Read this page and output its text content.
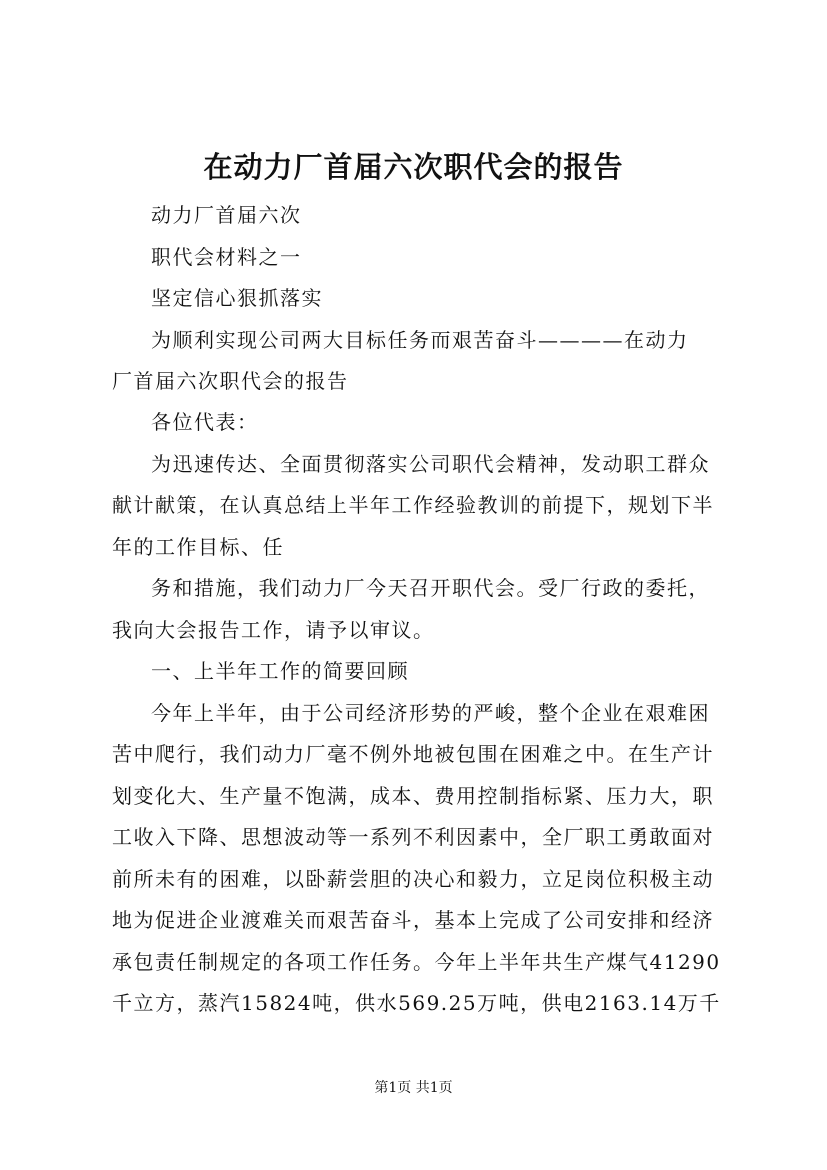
在动力厂首届六次职代会的报告
动力厂首届六次
职代会材料之一
坚定信心狠抓落实
为顺利实现公司两大目标任务而艰苦奋斗————在动力
厂首届六次职代会的报告
各位代表：
为迅速传达、全面贯彻落实公司职代会精神，发动职工群众
献计献策，在认真总结上半年工作经验教训的前提下，规划下半
年的工作目标、任
务和措施，我们动力厂今天召开职代会。受厂行政的委托，
我向大会报告工作，请予以审议。
一、上半年工作的简要回顾
今年上半年，由于公司经济形势的严峻，整个企业在艰难困
苦中爬行，我们动力厂毫不例外地被包围在困难之中。在生产计
划变化大、生产量不饱满，成本、费用控制指标紧、压力大，职
工收入下降、思想波动等一系列不利因素中，全厂职工勇敢面对
前所未有的困难，以卧薪尝胆的决心和毅力，立足岗位积极主动
地为促进企业渡难关而艰苦奋斗，基本上完成了公司安排和经济
承包责任制规定的各项工作任务。今年上半年共生产煤气41290
千立方，蒸汽15824吨，供水569.25万吨，供电2163.14万千
第1页 共1页
